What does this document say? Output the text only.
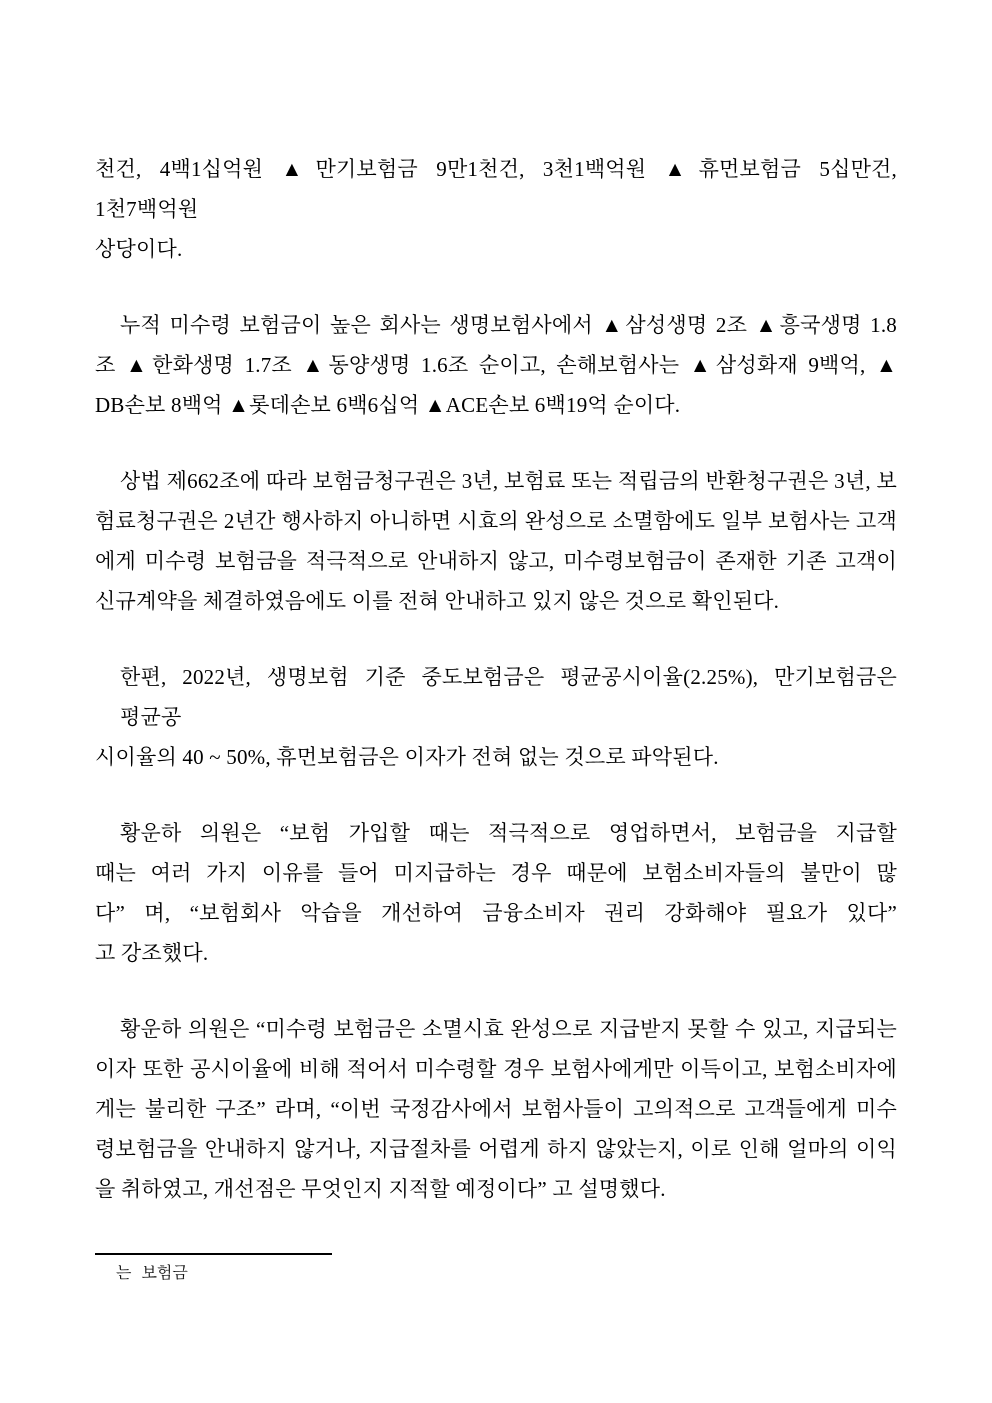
천건, 4백1십억원 ▲만기보험금 9만1천건, 3천1백억원 ▲휴먼보험금 5십만건, 1천7백억원
상당이다.
누적 미수령 보험금이 높은 회사는 생명보험사에서 ▲삼성생명 2조 ▲흥국생명 1.8
조 ▲한화생명 1.7조 ▲동양생명 1.6조 순이고, 손해보험사는 ▲삼성화재 9백억, ▲
DB손보 8백억 ▲롯데손보 6백6십억 ▲ACE손보 6백19억 순이다.
상법 제662조에 따라 보험금청구권은 3년, 보험료 또는 적립금의 반환청구권은 3년, 보
험료청구권은 2년간 행사하지 아니하면 시효의 완성으로 소멸함에도 일부 보험사는 고객
에게 미수령 보험금을 적극적으로 안내하지 않고, 미수령보험금이 존재한 기존 고객이
신규계약을 체결하였음에도 이를 전혀 안내하고 있지 않은 것으로 확인된다.
한편, 2022년, 생명보험 기준 중도보험금은 평균공시이율(2.25%), 만기보험금은 평균공
시이율의 40 ~ 50%, 휴먼보험금은 이자가 전혀 없는 것으로 파악된다.
황운하 의원은 “보험 가입할 때는 적극적으로 영업하면서, 보험금을 지급할
때는 여러 가지 이유를 들어 미지급하는 경우 때문에 보험소비자들의 불만이 많
다” 며, “보험회사 악습을 개선하여 금융소비자 권리 강화해야 필요가 있다”
고 강조했다.
황운하 의원은 “미수령 보험금은 소멸시효 완성으로 지급받지 못할 수 있고, 지급되는
이자 또한 공시이율에 비해 적어서 미수령할 경우 보험사에게만 이득이고, 보험소비자에
게는 불리한 구조” 라며, “이번 국정감사에서 보험사들이 고의적으로 고객들에게 미수
령보험금을 안내하지 않거나, 지급절차를 어렵게 하지 않았는지, 이로 인해 얼마의 이익
을 취하였고, 개선점은 무엇인지 지적할 예정이다” 고 설명했다.
는 보험금
